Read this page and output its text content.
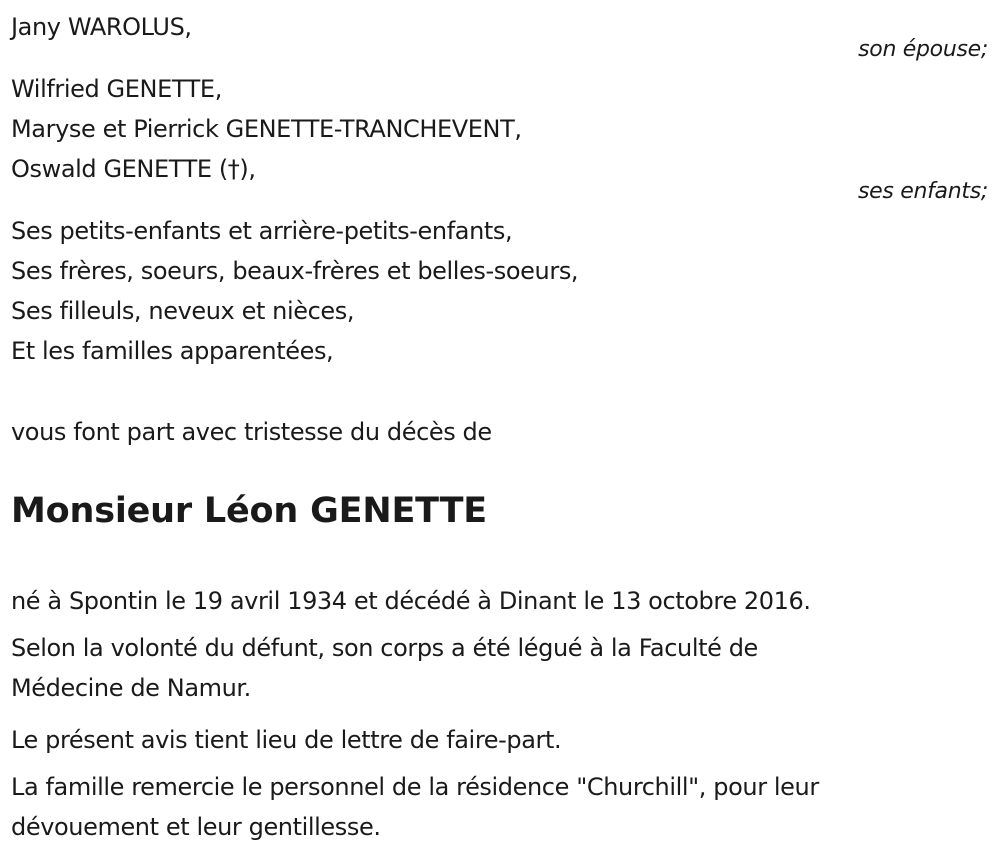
Jany WAROLUS,
son épouse;
Wilfried GENETTE,
Maryse et Pierrick GENETTE-TRANCHEVENT,
Oswald GENETTE (†),
ses enfants;
Ses petits-enfants et arrière-petits-enfants,
Ses frères, soeurs, beaux-frères et belles-soeurs,
Ses filleuls, neveux et nièces,
Et les familles apparentées,
vous font part avec tristesse du décès de
Monsieur Léon GENETTE
né à Spontin le 19 avril 1934 et décédé à Dinant le 13 octobre 2016.
Selon la volonté du défunt, son corps a été légué à la Faculté de
Médecine de Namur.
Le présent avis tient lieu de lettre de faire-part.
La famille remercie le personnel de la résidence "Churchill", pour leur
dévouement et leur gentillesse.
